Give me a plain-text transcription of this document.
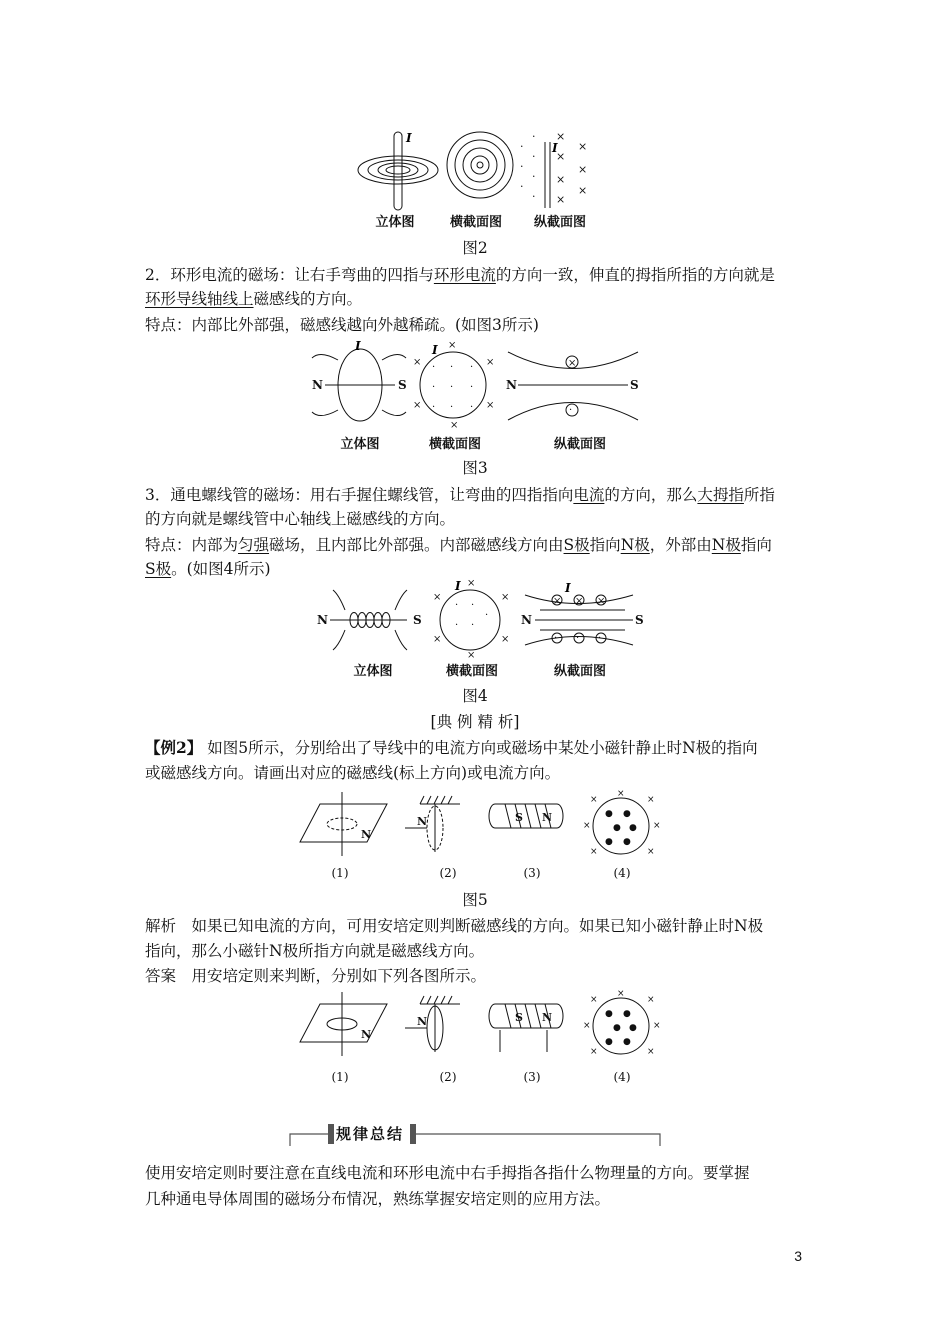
I
I
·
·
·
·
·
·
·
×
×
×
×
×
×
×
立体图	横截面图	纵截面图
图2
2．环形电流的磁场：让右手弯曲的四指与环形电流的方向一致，伸直的拇指所指的方向就是
环形导线轴线上磁感线的方向。
特点：内部比外部强，磁感线越向外越稀疏。(如图3所示)
I	I
N	S	N	S
×
×
×
×
×
×
· · ·
· · ·
· · ·
×
·
立体图	横截面图	纵截面图
图3
3．通电螺线管的磁场：用右手握住螺线管，让弯曲的四指指向电流的方向，那么大拇指所指
的方向就是螺线管中心轴线上磁感线的方向。
特点：内部为匀强磁场，且内部比外部强。内部磁感线方向由S极指向N极，外部由N极指向
S极。(如图4所示)
I	I
N	S	N	S
×
×
×
×
×
×
· ·
· ·
·
× × ×
· · ·
立体图	横截面图	纵截面图
图4
[典 例 精 析]
【例2】 如图5所示，分别给出了导线中的电流方向或磁场中某处小磁针静止时N极的指向
或磁感线方向。请画出对应的磁感线(标上方向)或电流方向。
N
N	S N
×	×
×	×
×	×
×
● ●
● ●
● ●
(1)	(2)	(3)	(4)
图5
解析　如果已知电流的方向，可用安培定则判断磁感线的方向。如果已知小磁针静止时N极
指向，那么小磁针N极所指方向就是磁感线方向。
答案　用安培定则来判断，分别如下列各图所示。
N
N	S N
×	×
×	×
×	×
×
● ●
● ●
● ●
(1)	(2)	(3)	(4)
规律总结
使用安培定则时要注意在直线电流和环形电流中右手拇指各指什么物理量的方向。要掌握
几种通电导体周围的磁场分布情况，熟练掌握安培定则的应用方法。
3
